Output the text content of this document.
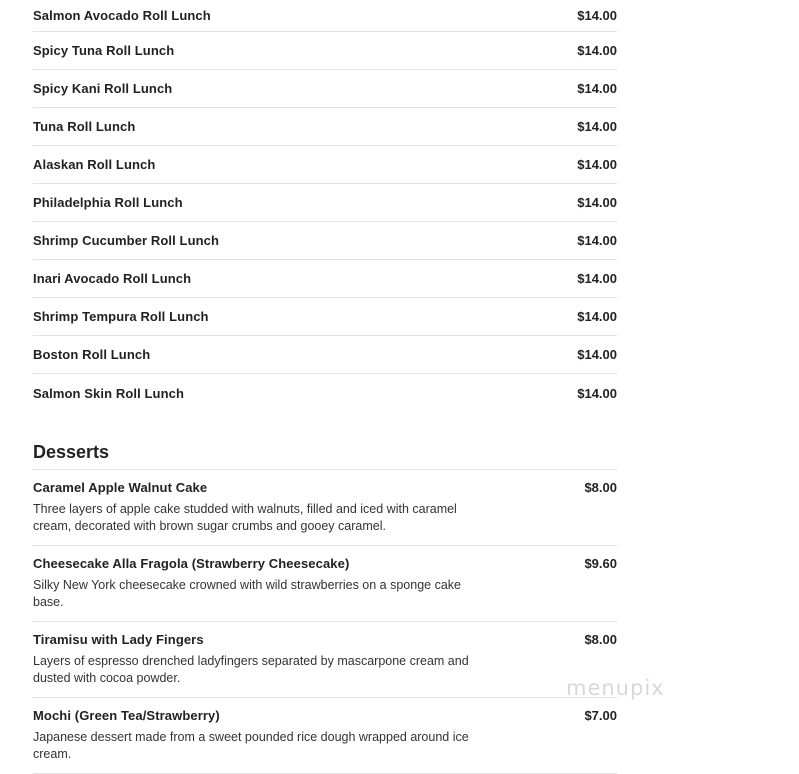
Salmon Avocado Roll Lunch	$14.00
Spicy Tuna Roll Lunch	$14.00
Spicy Kani Roll Lunch	$14.00
Tuna Roll Lunch	$14.00
Alaskan Roll Lunch	$14.00
Philadelphia Roll Lunch	$14.00
Shrimp Cucumber Roll Lunch	$14.00
Inari Avocado Roll Lunch	$14.00
Shrimp Tempura Roll Lunch	$14.00
Boston Roll Lunch	$14.00
Salmon Skin Roll Lunch	$14.00
Desserts
Caramel Apple Walnut Cake	$8.00
Three layers of apple cake studded with walnuts, filled and iced with caramel cream, decorated with brown sugar crumbs and gooey caramel.
Cheesecake Alla Fragola (Strawberry Cheesecake)	$9.60
Silky New York cheesecake crowned with wild strawberries on a sponge cake base.
Tiramisu with Lady Fingers	$8.00
Layers of espresso drenched ladyfingers separated by mascarpone cream and dusted with cocoa powder.
Mochi (Green Tea/Strawberry)	$7.00
Japanese dessert made from a sweet pounded rice dough wrapped around ice cream.
menupix
